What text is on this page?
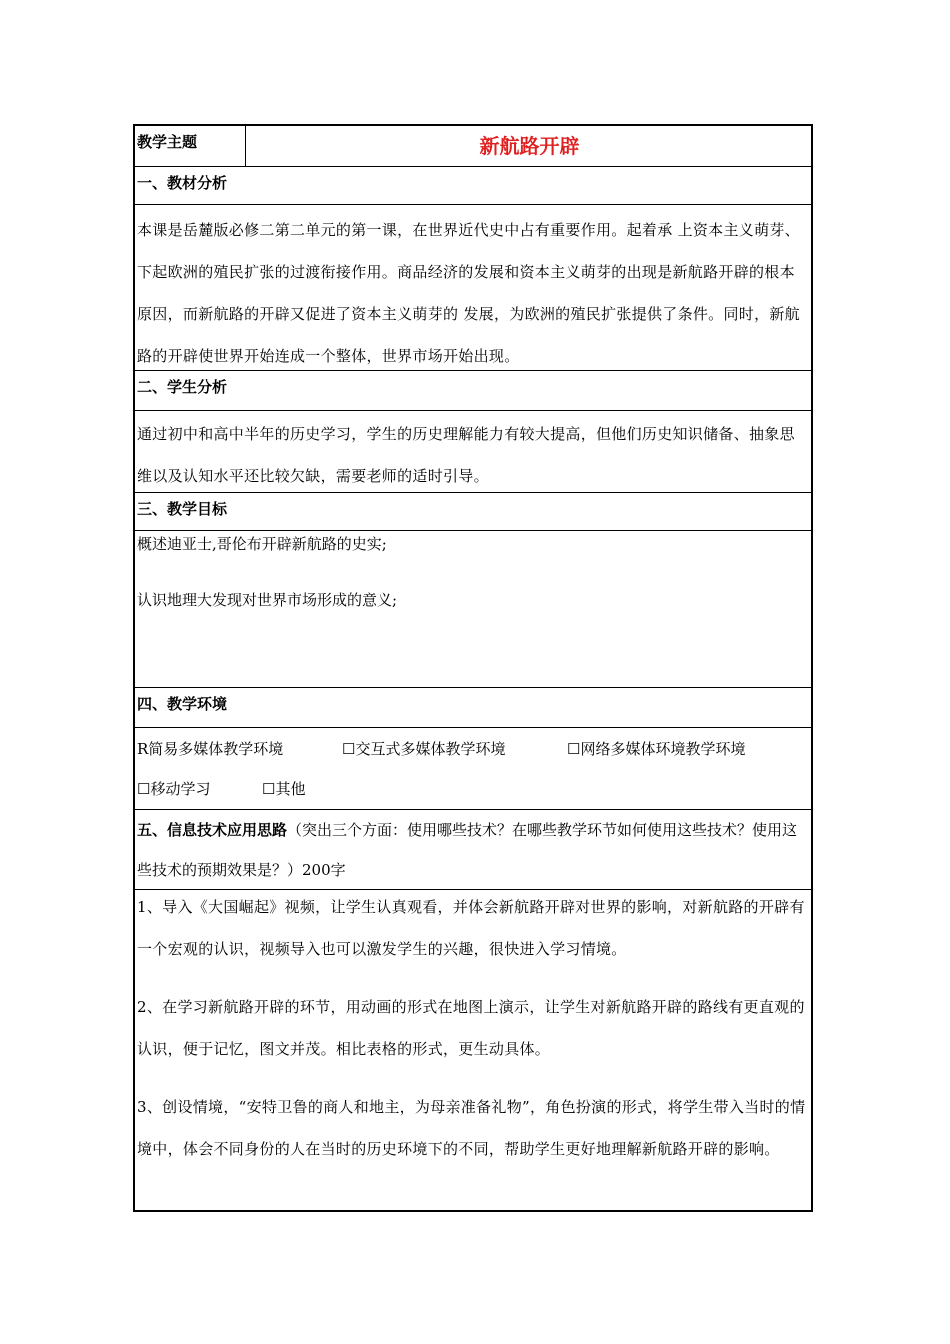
教学主题	新航路开辟
一、教材分析
本课是岳麓版必修二第二单元的第一课，在世界近代史中占有重要作用。起着承 上资本主义萌芽、下起欧洲的殖民扩张的过渡衔接作用。商品经济的发展和资本主义萌芽的出现是新航路开辟的根本原因，而新航路的开辟又促进了资本主义萌芽的 发展，为欧洲的殖民扩张提供了条件。同时，新航路的开辟使世界开始连成一个整体，世界市场开始出现。
二、学生分析
通过初中和高中半年的历史学习，学生的历史理解能力有较大提高，但他们历史知识储备、抽象思维以及认知水平还比较欠缺，需要老师的适时引导。
三、教学目标
概述迪亚士,哥伦布开辟新航路的史实;
认识地理大发现对世界市场形成的意义;
四、教学环境
R简易多媒体教学环境	☐交互式多媒体教学环境	☐网络多媒体环境教学环境
☐移动学习	☐其他
五、信息技术应用思路（突出三个方面：使用哪些技术？在哪些教学环节如何使用这些技术？使用这些技术的预期效果是？）200字

1、导入《大国崛起》视频，让学生认真观看，并体会新航路开辟对世界的影响，对新航路的开辟有一个宏观的认识，视频导入也可以激发学生的兴趣，很快进入学习情境。

2、在学习新航路开辟的环节，用动画的形式在地图上演示，让学生对新航路开辟的路线有更直观的认识，便于记忆，图文并茂。相比表格的形式，更生动具体。

3、创设情境，“安特卫鲁的商人和地主，为母亲准备礼物”，角色扮演的形式，将学生带入当时的情境中，体会不同身份的人在当时的历史环境下的不同，帮助学生更好地理解新航路开辟的影响。
